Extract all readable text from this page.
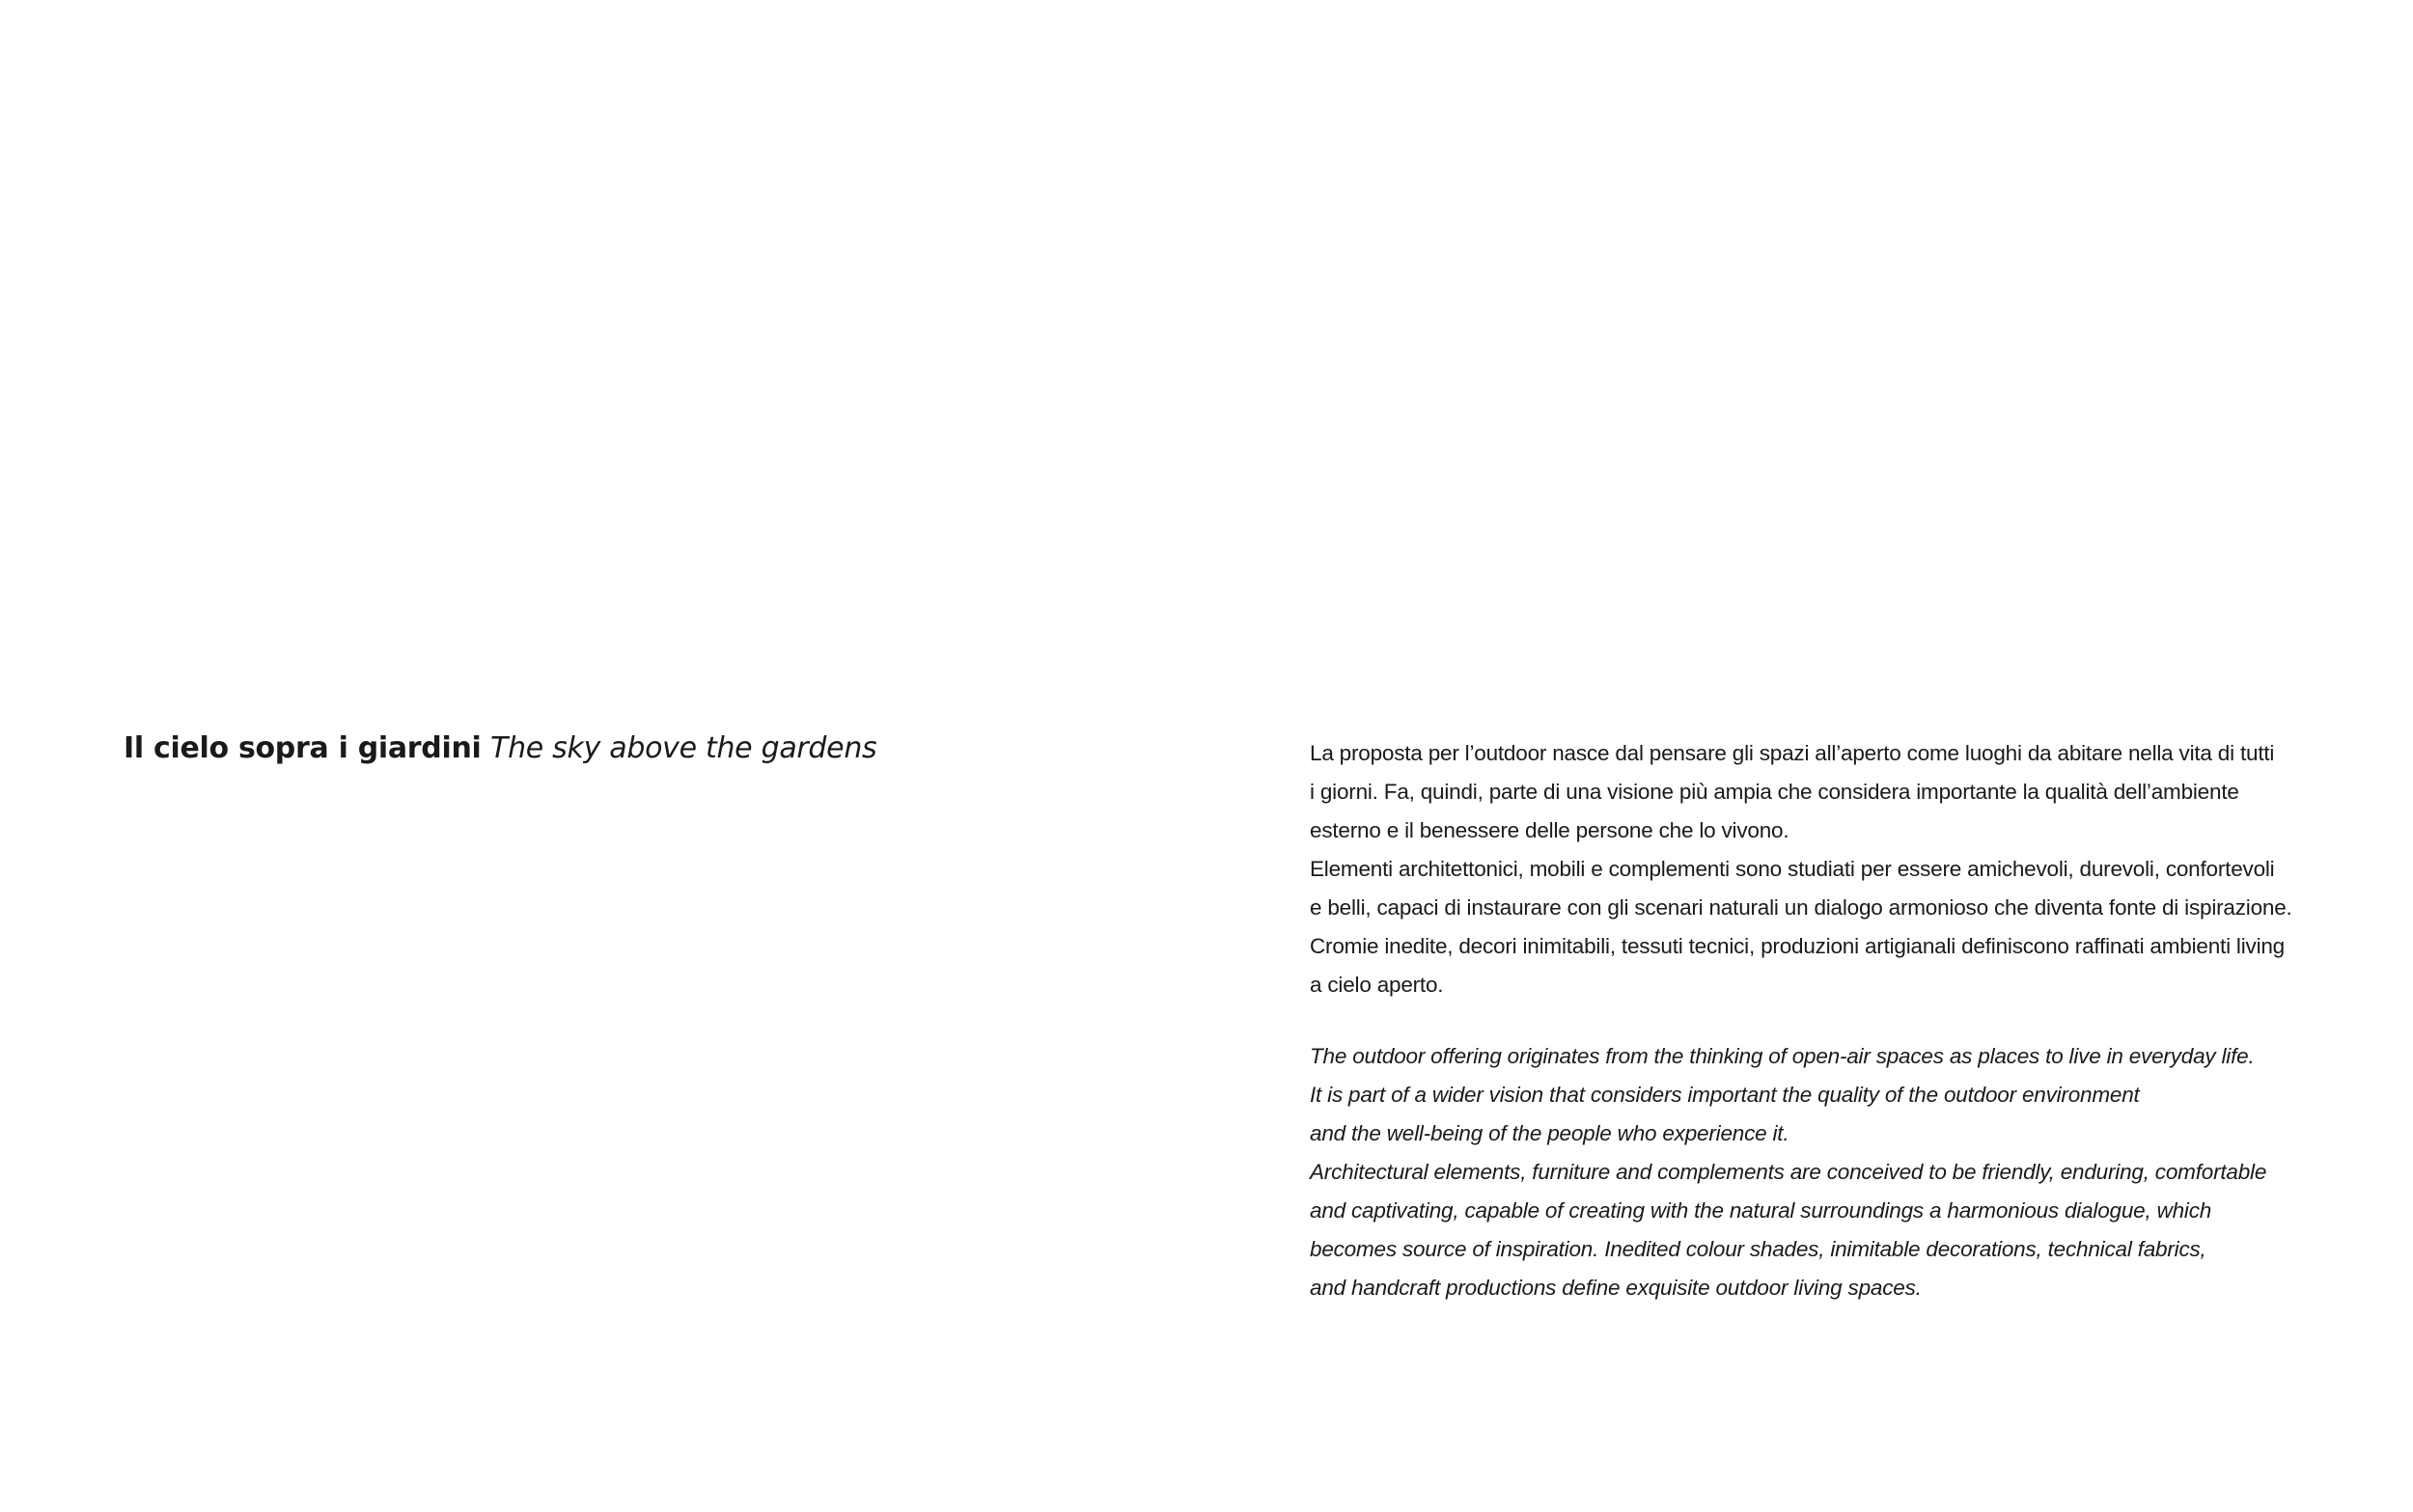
Il cielo sopra i giardini The sky above the gardens	La proposta per l’outdoor nasce dal pensare gli spazi all’aperto come luoghi da abitare nella vita di tutti

i giorni. Fa, quindi, parte di una visione più ampia che considera importante la qualità dell’ambiente

esterno e il benessere delle persone che lo vivono.

Elementi architettonici, mobili e complementi sono studiati per essere amichevoli, durevoli, confortevoli

e belli, capaci di instaurare con gli scenari naturali un dialogo armonioso che diventa fonte di ispirazione.

Cromie inedite, decori inimitabili, tessuti tecnici, produzioni artigianali definiscono raffinati ambienti living

a cielo aperto.

The outdoor offering originates from the thinking of open-air spaces as places to live in everyday life.

It is part of a wider vision that considers important the quality of the outdoor environment

and the well-being of the people who experience it.

Architectural elements, furniture and complements are conceived to be friendly, enduring, comfortable

and captivating, capable of creating with the natural surroundings a harmonious dialogue, which

becomes source of inspiration. Inedited colour shades, inimitable decorations, technical fabrics,

and handcraft productions define exquisite outdoor living spaces.
